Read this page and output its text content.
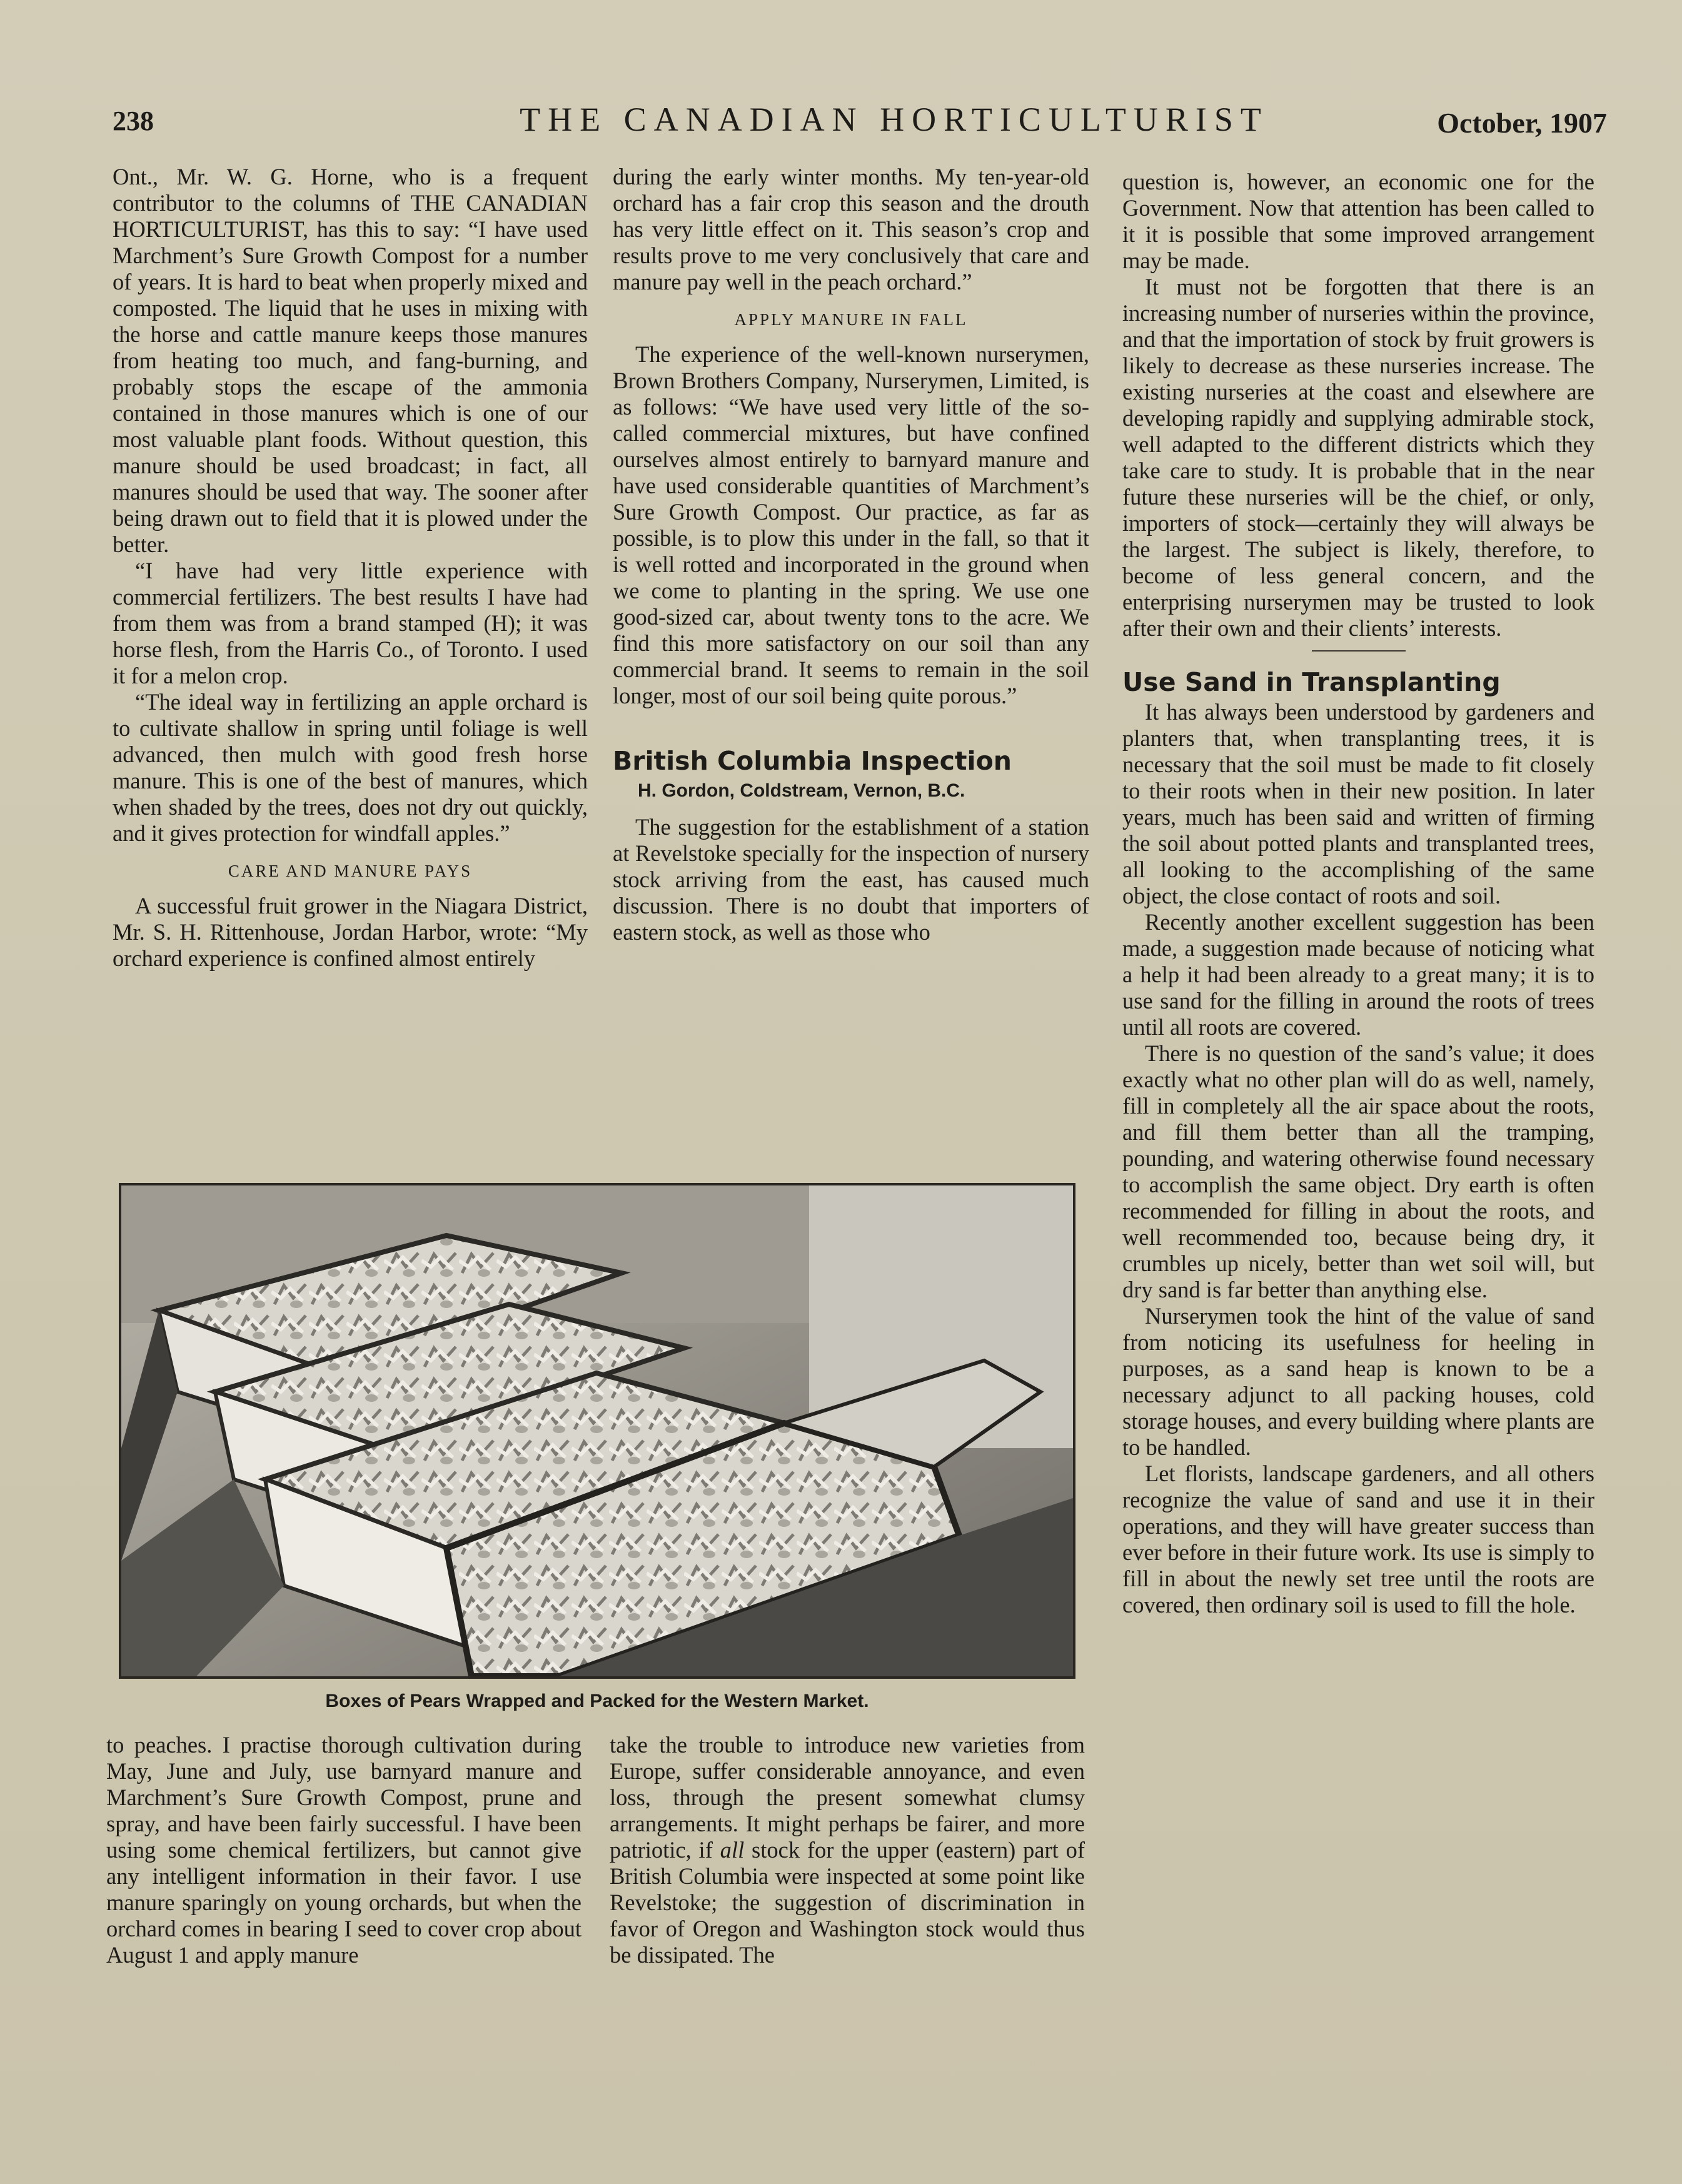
238	THE CANADIAN HORTICULTURIST	October, 1907

Ont., Mr. W. G. Horne, who is a frequent contributor to the columns of THE CANADIAN HORTICULTURIST, has this to say: “I have used Marchment’s Sure Growth Compost for a number of years. It is hard to beat when properly mixed and composted. The liquid that he uses in mixing with the horse and cattle manure keeps those manures from heating too much, and fang-burning, and probably stops the escape of the ammonia contained in those manures which is one of our most valuable plant foods. Without question, this manure should be used broadcast; in fact, all manures should be used that way. The sooner after being drawn out to field that it is plowed under the better.

“I have had very little experience with commercial fertilizers. The best results I have had from them was from a brand stamped (H); it was horse flesh, from the Harris Co., of Toronto. I used it for a melon crop.

“The ideal way in fertilizing an apple orchard is to cultivate shallow in spring until foliage is well advanced, then mulch with good fresh horse manure. This is one of the best of manures, which when shaded by the trees, does not dry out quickly, and it gives protection for windfall apples.”

CARE AND MANURE PAYS

A successful fruit grower in the Niagara District, Mr. S. H. Rittenhouse, Jordan Harbor, wrote: “My orchard experience is confined almost entirely

during the early winter months. My ten-year-old orchard has a fair crop this season and the drouth has very little effect on it. This season’s crop and results prove to me very conclusively that care and manure pay well in the peach orchard.”

APPLY MANURE IN FALL

The experience of the well-known nurserymen, Brown Brothers Company, Nurserymen, Limited, is as follows: “We have used very little of the so-called commercial mixtures, but have confined ourselves almost entirely to barnyard manure and have used considerable quantities of Marchment’s Sure Growth Compost. Our practice, as far as possible, is to plow this under in the fall, so that it is well rotted and incorporated in the ground when we come to planting in the spring. We use one good-sized car, about twenty tons to the acre. We find this more satisfactory on our soil than any commercial brand. It seems to remain in the soil longer, most of our soil being quite porous.”

British Columbia Inspection
H. Gordon, Coldstream, Vernon, B.C.

The suggestion for the establishment of a station at Revelstoke specially for the inspection of nursery stock arriving from the east, has caused much discussion. There is no doubt that importers of eastern stock, as well as those who

question is, however, an economic one for the Government. Now that attention has been called to it it is possible that some improved arrangement may be made.

It must not be forgotten that there is an increasing number of nurseries within the province, and that the importation of stock by fruit growers is likely to decrease as these nurseries increase. The existing nurseries at the coast and elsewhere are developing rapidly and supplying admirable stock, well adapted to the different districts which they take care to study. It is probable that in the near future these nurseries will be the chief, or only, importers of stock—certainly they will always be the largest. The subject is likely, therefore, to become of less general concern, and the enterprising nurserymen may be trusted to look after their own and their clients’ interests.

Use Sand in Transplanting

It has always been understood by gardeners and planters that, when transplanting trees, it is necessary that the soil must be made to fit closely to their roots when in their new position. In later years, much has been said and written of firming the soil about potted plants and transplanted trees, all looking to the accomplishing of the same object, the close contact of roots and soil.

Recently another excellent suggestion has been made, a suggestion made because of noticing what a help it had been already to a great many; it is to use sand for the filling in around the roots of trees until all roots are covered.

There is no question of the sand’s value; it does exactly what no other plan will do as well, namely, fill in completely all the air space about the roots, and fill them better than all the tramping, pounding, and watering otherwise found necessary to accomplish the same object. Dry earth is often recommended for filling in about the roots, and well recommended too, because being dry, it crumbles up nicely, better than wet soil will, but dry sand is far better than anything else.

Nurserymen took the hint of the value of sand from noticing its usefulness for heeling in purposes, as a sand heap is known to be a necessary adjunct to all packing houses, cold storage houses, and every building where plants are to be handled.

Let florists, landscape gardeners, and all others recognize the value of sand and use it in their operations, and they will have greater success than ever before in their future work. Its use is simply to fill in about the newly set tree until the roots are covered, then ordinary soil is used to fill the hole.

Boxes of Pears Wrapped and Packed for the Western Market.

to peaches. I practise thorough cultivation during May, June and July, use barnyard manure and Marchment’s Sure Growth Compost, prune and spray, and have been fairly successful. I have been using some chemical fertilizers, but cannot give any intelligent information in their favor. I use manure sparingly on young orchards, but when the orchard comes in bearing I seed to cover crop about August 1 and apply manure

take the trouble to introduce new varieties from Europe, suffer considerable annoyance, and even loss, through the present somewhat clumsy arrangements. It might perhaps be fairer, and more patriotic, if all stock for the upper (eastern) part of British Columbia were inspected at some point like Revelstoke; the suggestion of discrimination in favor of Oregon and Washington stock would thus be dissipated. The
